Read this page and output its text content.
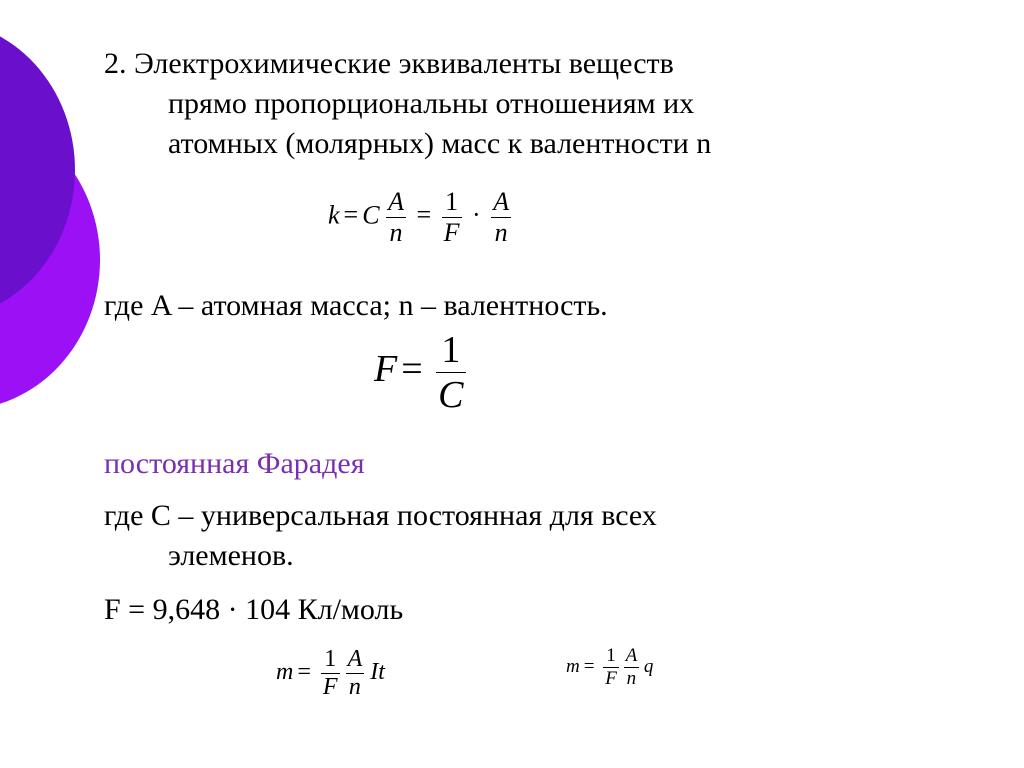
2. Электрохимические эквиваленты веществ
прямо пропорциональны отношениям их
атомных (молярных) масс к валентности n
k = C $\frac{A}{n} = \frac{1}{F} \cdot \frac{A}{n}$
где A – атомная масса; n – валентность.
$F = \frac{1}{C}$
постоянная Фарадея
где C – универсальная постоянная для всех
элеменов.
F = 9,648 · 104 Кл/моль
$m = \frac{1}{F}$
$\frac{A}{n}$ It	$m = \frac{1}{F}$
$\frac{A}{n}$ q
